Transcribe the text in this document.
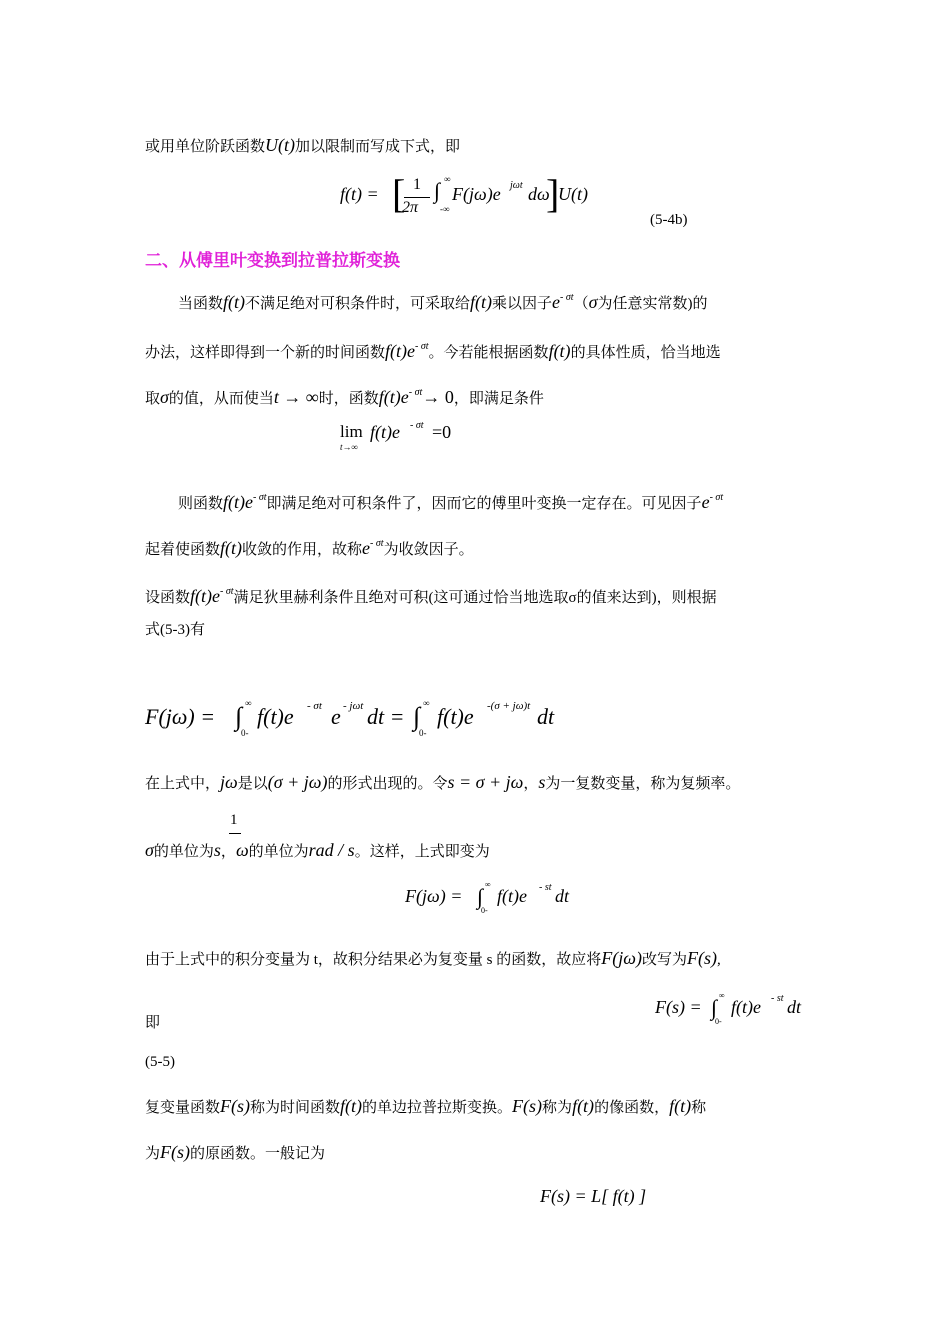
或用单位阶跃函数U(t)加以限制而写成下式，即
f(t) = [ 1
2π
∫ ∞
-∞
F(jω)e jωt dω
]
U(t)
(5-4b)
二、从傅里叶变换到拉普拉斯变换
当函数f(t)不满足绝对可积条件时，可采取给f(t)乘以因子$e^{- \sigma t}(\sigma$为任意实常数)的
办法，这样即得到一个新的时间函数$f(t)e^{- \sigma t}$。今若能根据函数f(t)的具体性质，恰当地选
取σ的值，从而使当t → ∞时，函数$f(t)e^{- \sigma t}\to 0$，即满足条件
lim
t→∞
f(t)e - σt =0
则函数$f(t)e^{- \sigma t}$即满足绝对可积条件了，因而它的傅里叶变换一定存在。可见因子$e^{- \sigma t}$
起着使函数f(t)收敛的作用，故称$e^{- \sigma t}$为收敛因子。
设函数$f(t)e^{- \sigma t}$满足狄里赫利条件且绝对可积(这可通过恰当地选取σ的值来达到)，则根据
式(5-3)有
F(jω) = ∫ ∞
0-
f(t)e - σt e - jωt dt = ∫ ∞
0-
f(t)e -(σ + jω)t dt
在上式中，jω是以(σ + jω)的形式出现的。令s = σ + jω，s为一复数变量，称为复频率。
1
σ的单位为s，ω的单位为rad / s。这样，上式即变为
F(jω) = ∫ ∞
0-
f(t)e - st dt
由于上式中的积分变量为 t，故积分结果必为复变量 s 的函数，故应将F(jω)改写为F(s),
F(s) = ∫ ∞
0-
f(t)e - st dt
即
(5-5)
复变量函数F(s)称为时间函数f(t)的单边拉普拉斯变换。F(s)称为f(t)的像函数，f(t)称
为F(s)的原函数。一般记为
F(s) = L[ f(t) ]
